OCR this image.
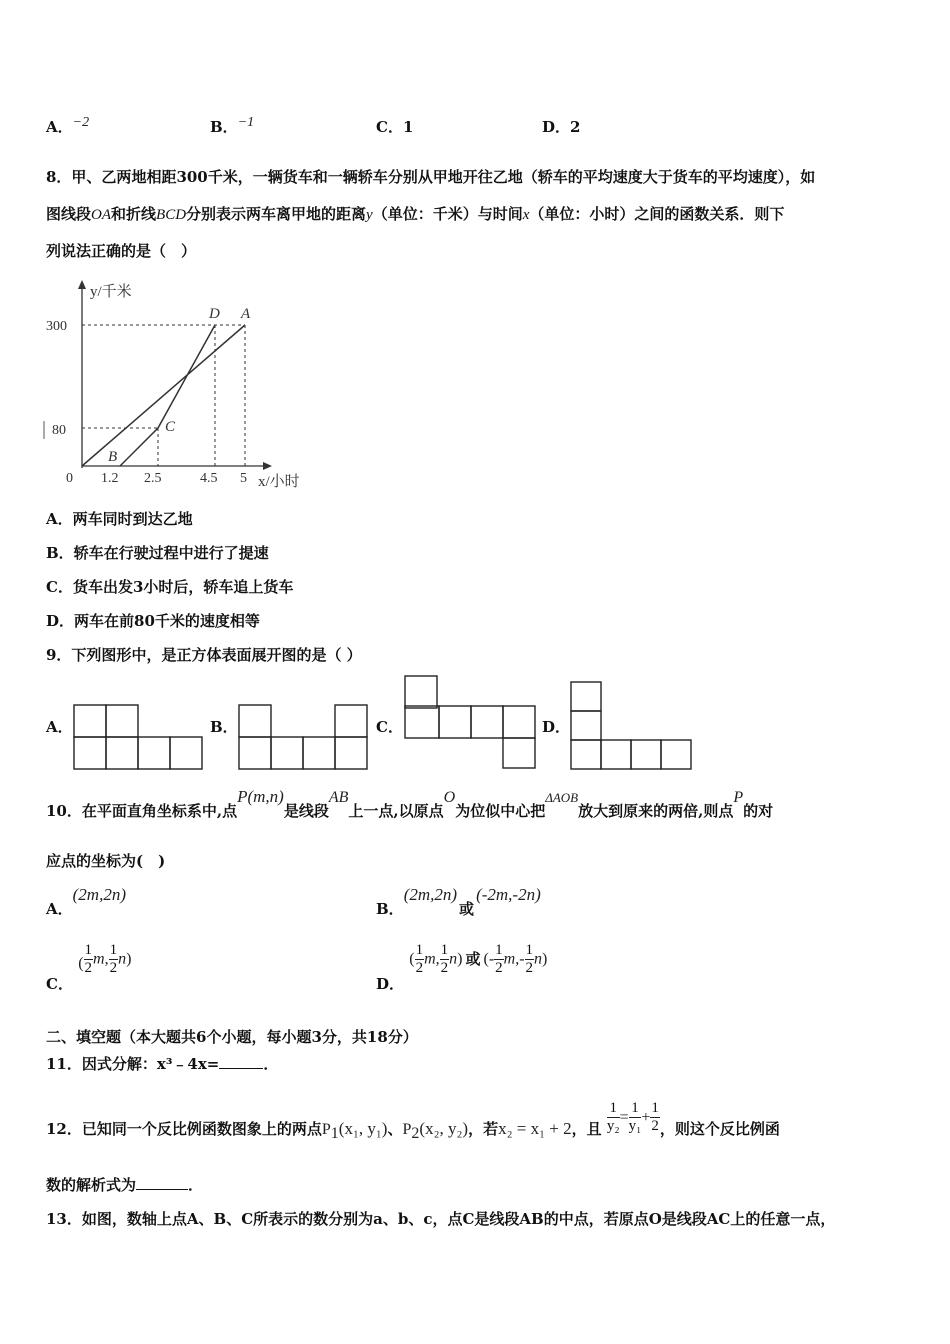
A．−2	B．−1	C．1	D．2
8．甲、乙两地相距300千米，一辆货车和一辆轿车分别从甲地开往乙地（轿车的平均速度大于货车的平均速度），如
图线段OA和折线BCD分别表示两车离甲地的距离y（单位：千米）与时间x（单位：小时）之间的函数关系．则下
列说法正确的是（　）
y/千米
x/小时
0
300
80
1.2 2.5	4.5 5
D A
C
B
A．两车同时到达乙地
B．轿车在行驶过程中进行了提速
C．货车出发3小时后，轿车追上货车
D．两车在前80千米的速度相等
9．下列图形中，是正方体表面展开图的是（ ）
A．	B．	C．	D．
10．在平面直角坐标系中,点P(m,n)是线段AB上一点,以原点O为位似中心把ΔAOB放大到原来的两倍,则点P的对
应点的坐标为(　)
A．(2m,2n)
B．(2m,2n)或(-2m,-2n)
C． ( $\frac{1}{2} m$, $\frac{1}{2} n$)
D． ( $\frac{1}{2} m$, $\frac{1}{2} n$) 或 (- $\frac{1}{2} m,- \frac{1}{2} n$)
二、填空题（本大题共6个小题，每小题3分，共18分）
11．因式分解：x³﹣4x=	．
12．已知同一个反比例函数图象上的两点$P_1(x_1$, y₁)、$P_2(x_2$, y₂)，若x₂ = x₁ + 2，且 $\frac{1}{\text{y₂}} = \frac{1}{\text{y₁}} + \frac{1}{2}$ ，则这个反比例函
数的解析式为	．
13．如图，数轴上点A、B、C所表示的数分别为a、b、c，点C是线段AB的中点，若原点O是线段AC上的任意一点，
